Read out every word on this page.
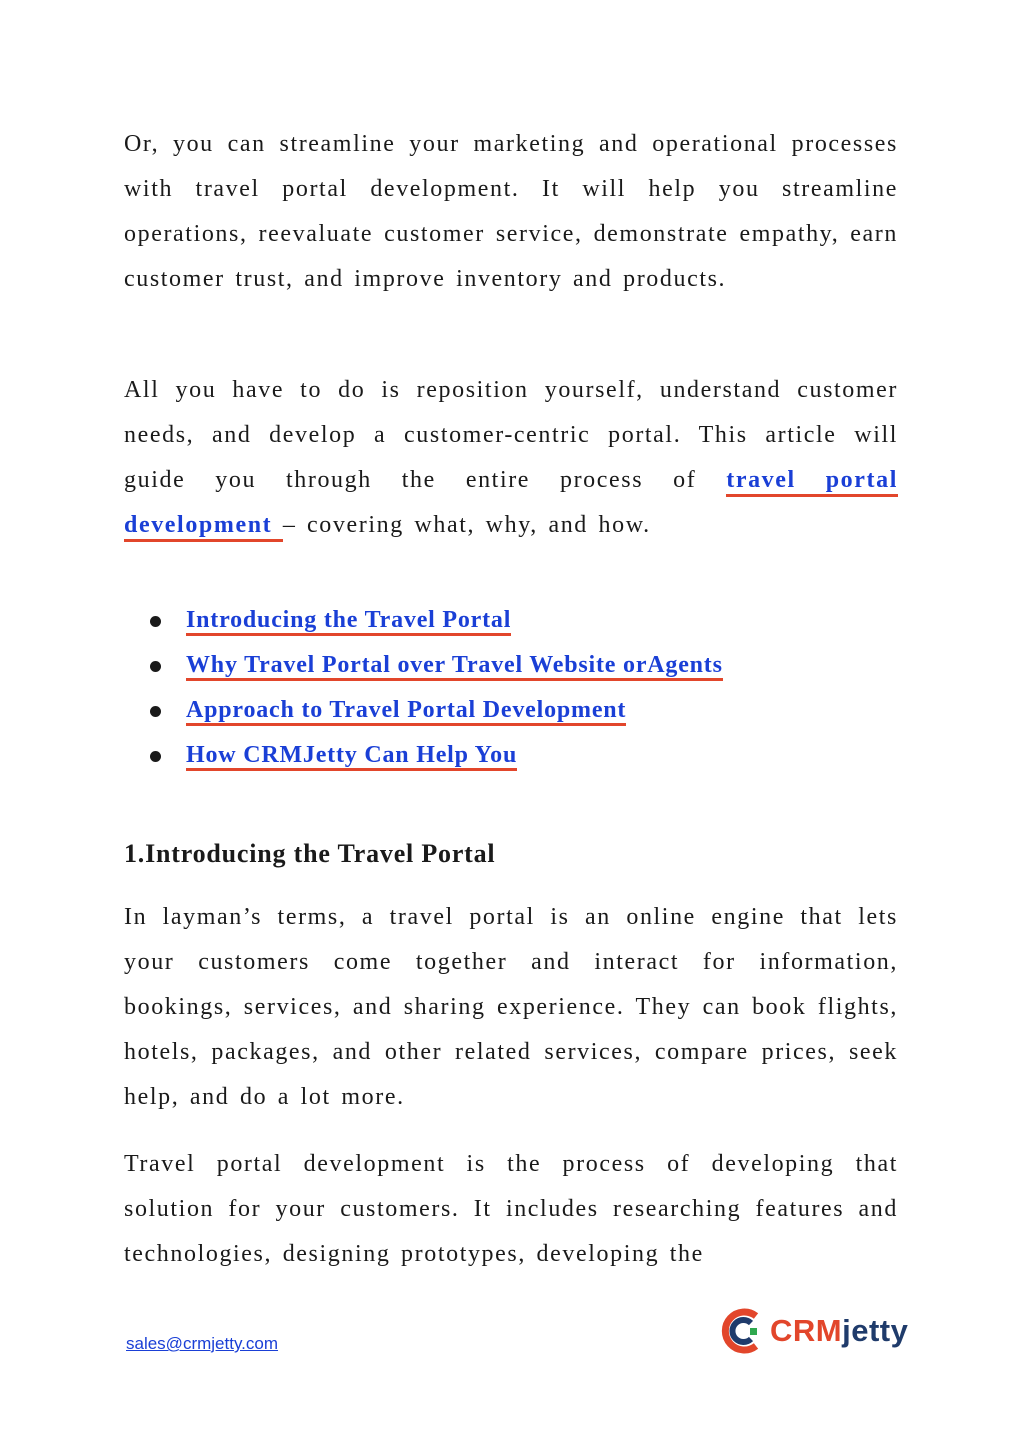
Or, you can streamline your marketing and operational processes with travel portal development. It will help you streamline operations, reevaluate customer service, demonstrate empathy, earn customer trust, and improve inventory and products.

All you have to do is reposition yourself, understand customer needs, and develop a customer-centric portal. This article will guide you through the entire process of travel portal development – covering what, why, and how.

Introducing the Travel Portal
Why Travel Portal over Travel Website orAgents
Approach to Travel Portal Development
How CRMJetty Can Help You
1.Introducing the Travel Portal

In layman’s terms, a travel portal is an online engine that lets your customers come together and interact for information, bookings, services, and sharing experience. They can book flights, hotels, packages, and other related services, compare prices, seek help, and do a lot more.

Travel portal development is the process of developing that solution for your customers. It includes researching features and technologies, designing prototypes, developing the

sales@crmjetty.com	CRMjetty
